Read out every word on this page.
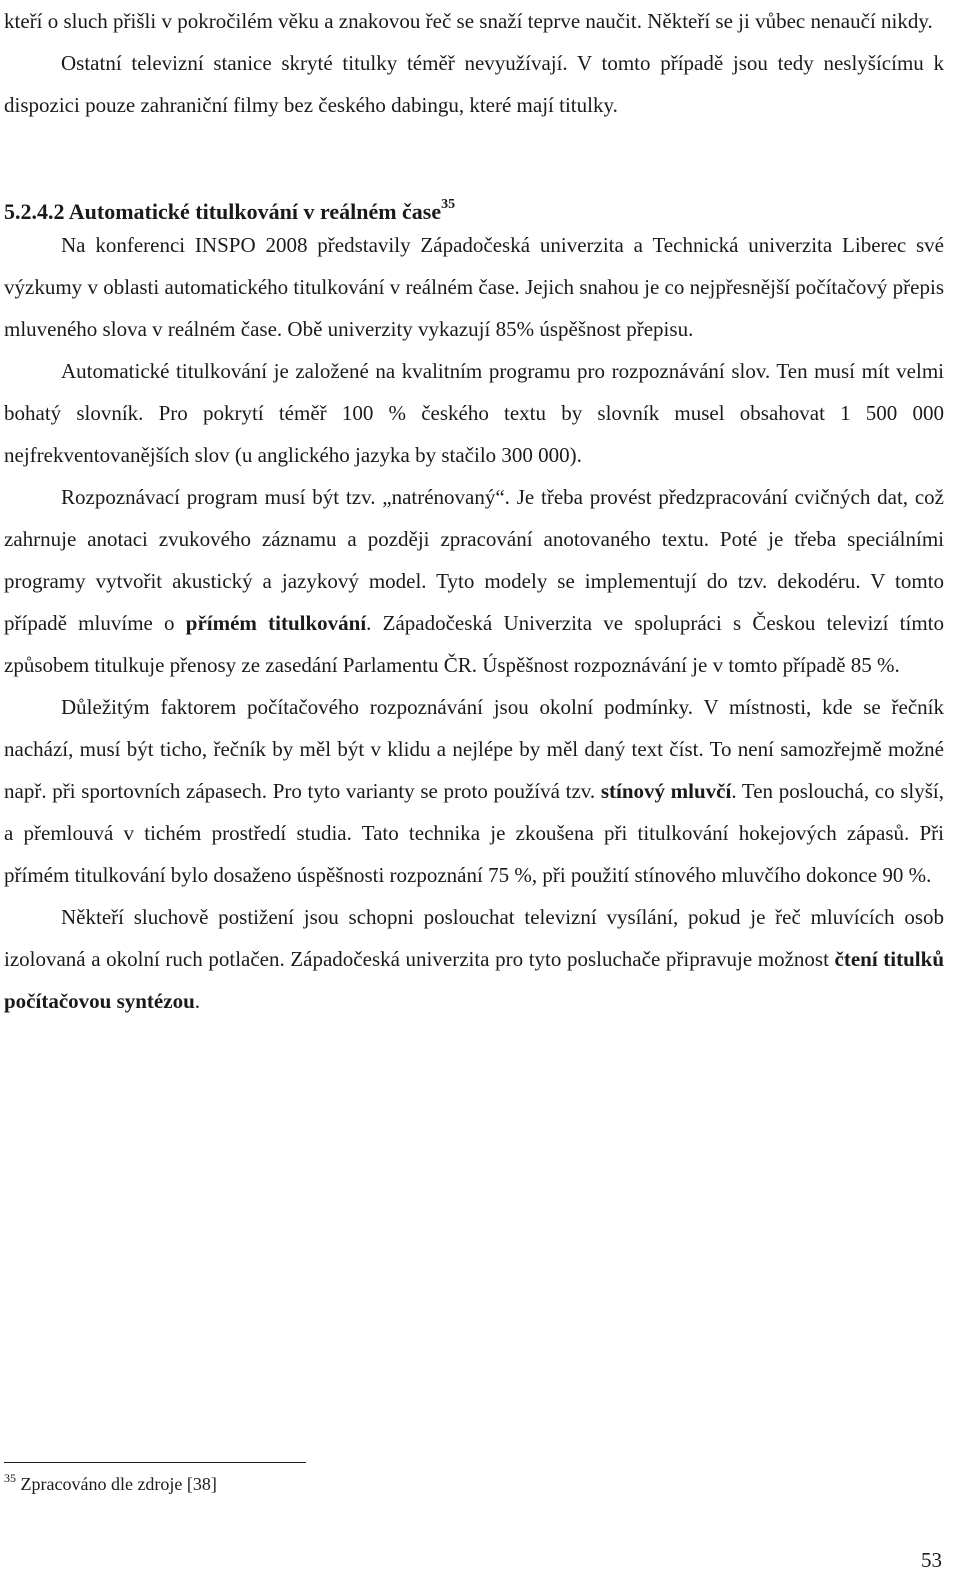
kteří o sluch přišli v pokročilém věku a znakovou řeč se snaží teprve naučit. Někteří se ji vůbec nenaučí nikdy.

Ostatní televizní stanice skryté titulky téměř nevyužívají. V tomto případě jsou tedy neslyšícímu k dispozici pouze zahraniční filmy bez českého dabingu, které mají titulky.

5.2.4.2 Automatické titulkování v reálném čase$^{35}$

Na konferenci INSPO 2008 představily Západočeská univerzita a Technická univerzita Liberec své výzkumy v oblasti automatického titulkování v reálném čase. Jejich snahou je co nejpřesnější počítačový přepis mluveného slova v reálném čase. Obě univerzity vykazují 85% úspěšnost přepisu.

Automatické titulkování je založené na kvalitním programu pro rozpoznávání slov. Ten musí mít velmi bohatý slovník. Pro pokrytí téměř 100 % českého textu by slovník musel obsahovat 1 500 000 nejfrekventovanějších slov (u anglického jazyka by stačilo 300 000).

Rozpoznávací program musí být tzv. „natrénovaný“. Je třeba provést předzpracování cvičných dat, což zahrnuje anotaci zvukového záznamu a později zpracování anotovaného textu. Poté je třeba speciálními programy vytvořit akustický a jazykový model. Tyto modely se implementují do tzv. dekodéru. V tomto případě mluvíme o přímém titulkování. Západočeská Univerzita ve spolupráci s Českou televizí tímto způsobem titulkuje přenosy ze zasedání Parlamentu ČR. Úspěšnost rozpoznávání je v tomto případě 85 %.

Důležitým faktorem počítačového rozpoznávání jsou okolní podmínky. V místnosti, kde se řečník nachází, musí být ticho, řečník by měl být v klidu a nejlépe by měl daný text číst. To není samozřejmě možné např. při sportovních zápasech. Pro tyto varianty se proto používá tzv. stínový mluvčí. Ten poslouchá, co slyší, a přemlouvá v tichém prostředí studia. Tato technika je zkoušena při titulkování hokejových zápasů. Při přímém titulkování bylo dosaženo úspěšnosti rozpoznání 75 %, při použití stínového mluvčího dokonce 90 %.

Někteří sluchově postižení jsou schopni poslouchat televizní vysílání, pokud je řeč mluvících osob izolovaná a okolní ruch potlačen. Západočeská univerzita pro tyto posluchače připravuje možnost čtení titulků počítačovou syntézou.

$^{35}$ Zpracováno dle zdroje [38]
53
